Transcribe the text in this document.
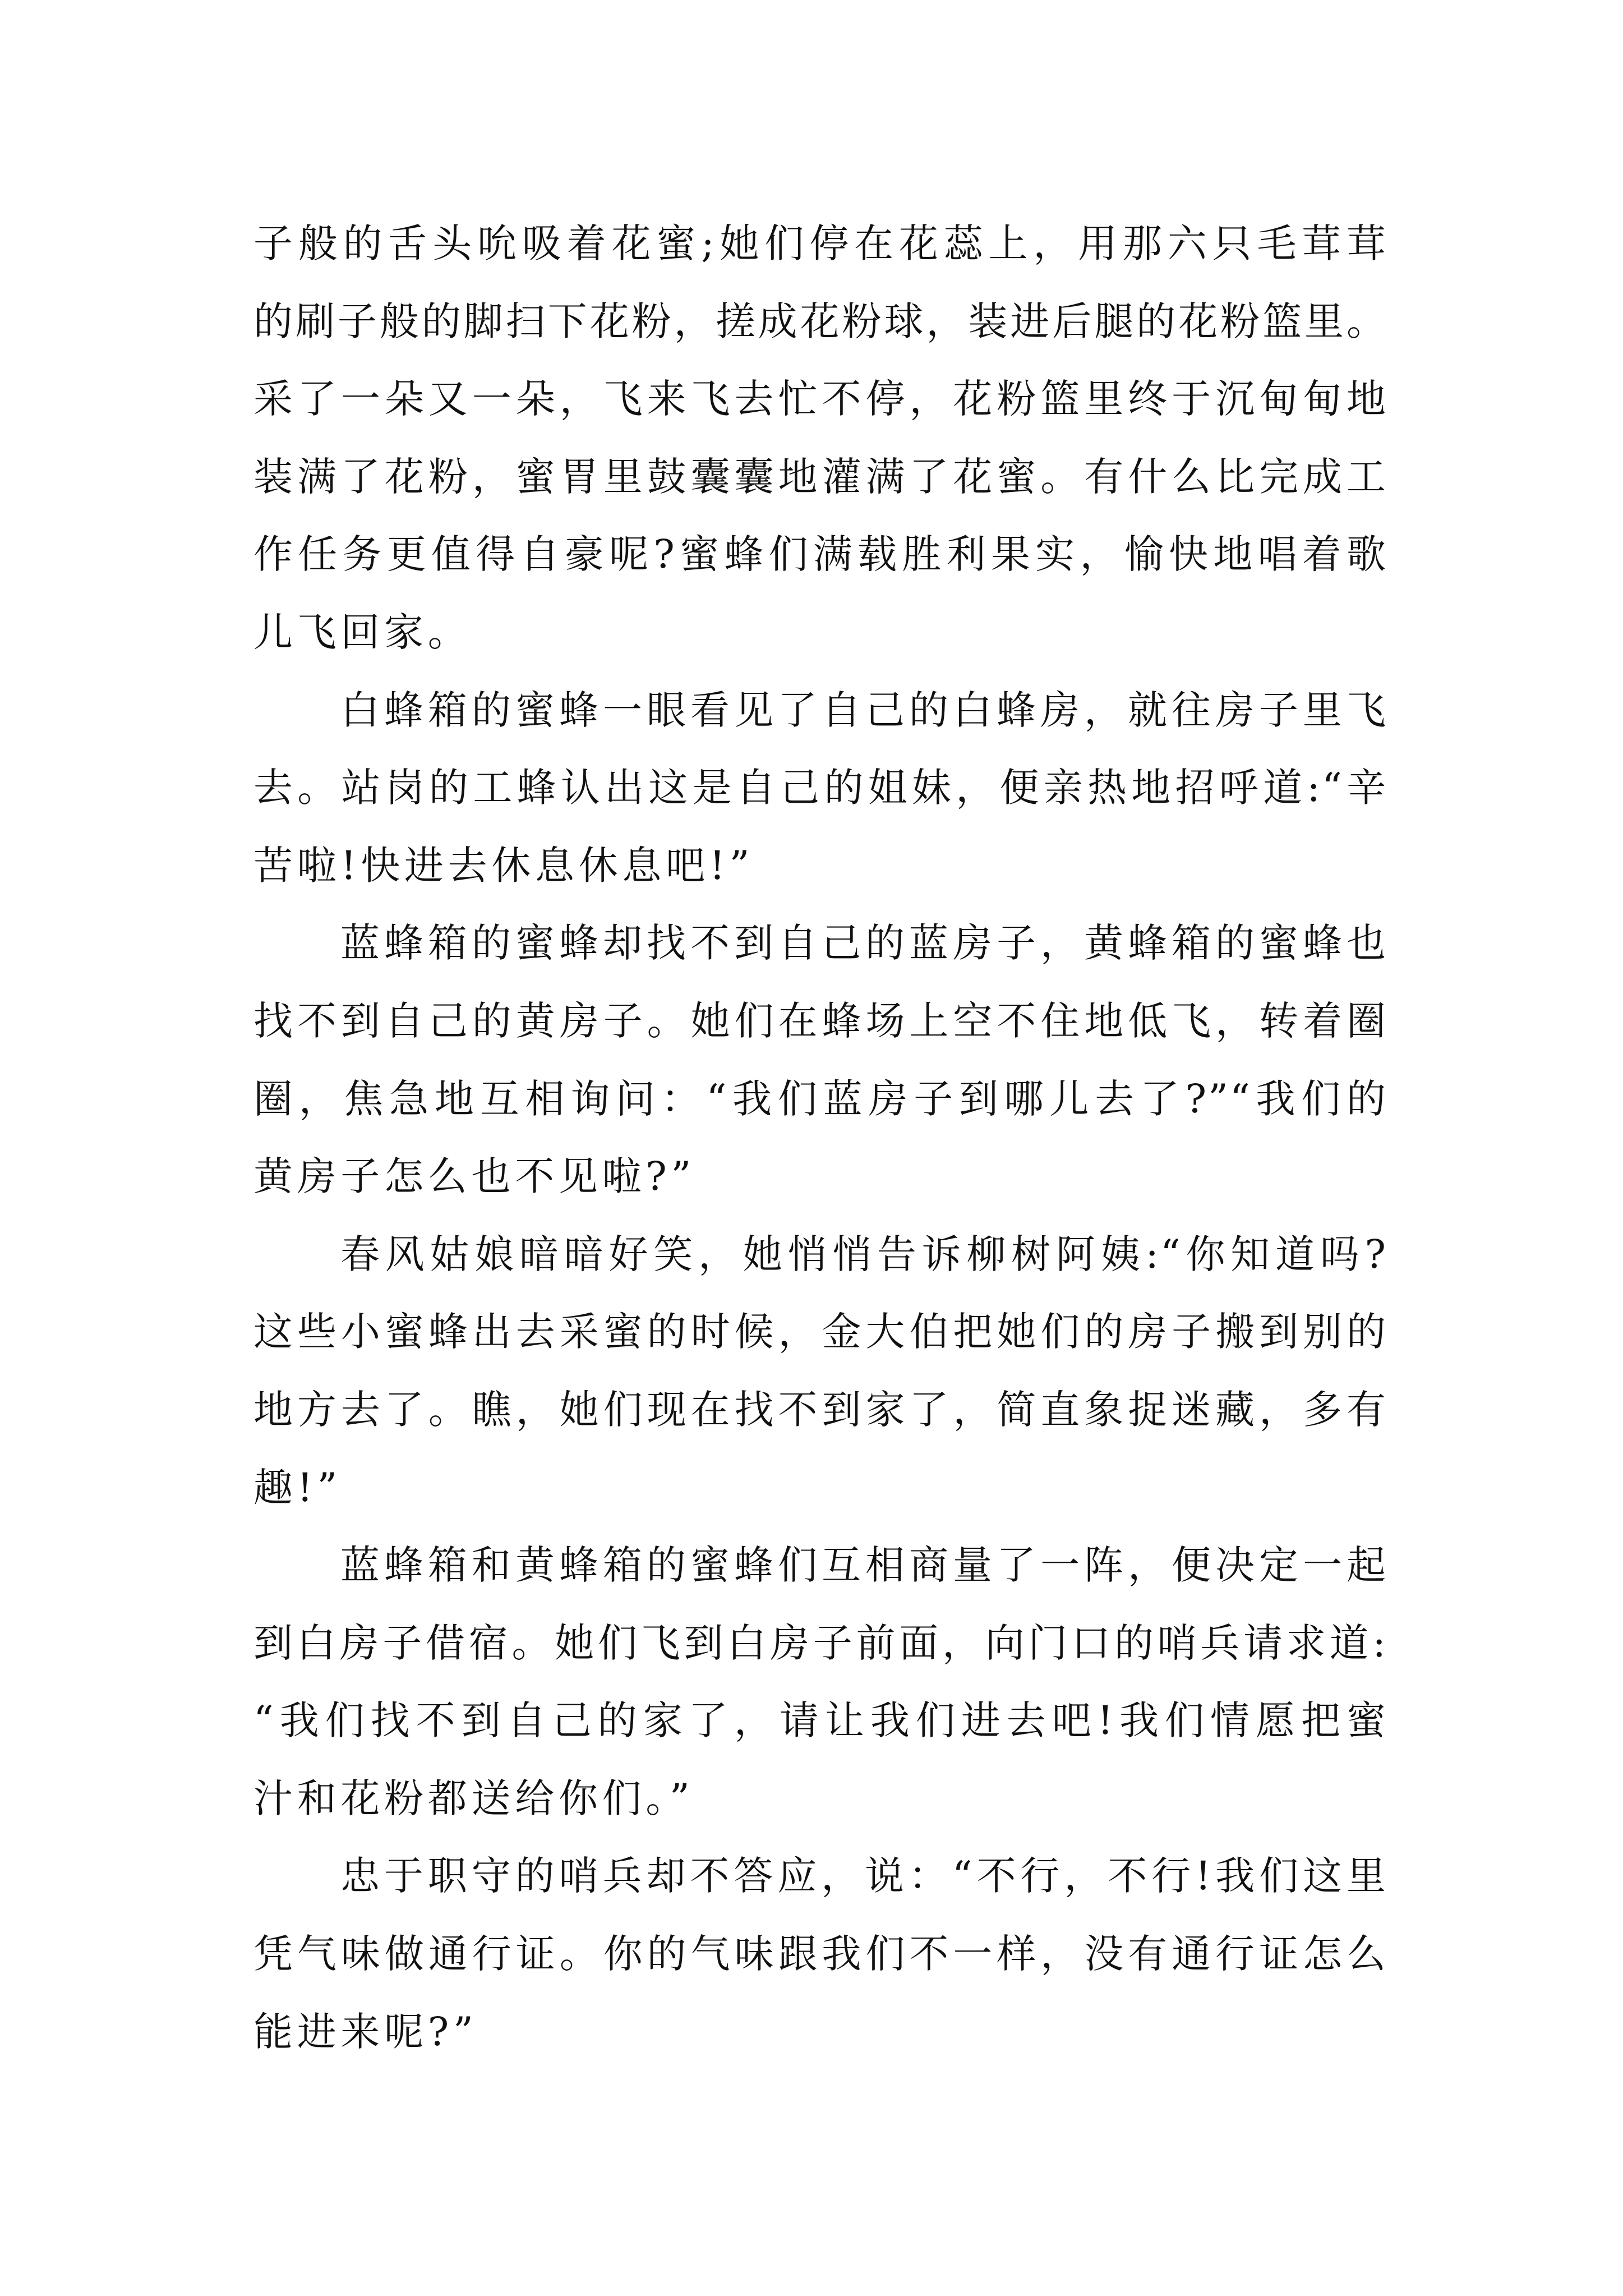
子般的舌头吮吸着花蜜;她们停在花蕊上，用那六只毛茸茸
的刷子般的脚扫下花粉，搓成花粉球，装进后腿的花粉篮里。
采了一朵又一朵，飞来飞去忙不停，花粉篮里终于沉甸甸地
装满了花粉，蜜胃里鼓囊囊地灌满了花蜜。有什么比完成工
作任务更值得自豪呢?蜜蜂们满载胜利果实，愉快地唱着歌
儿飞回家。
白蜂箱的蜜蜂一眼看见了自己的白蜂房，就往房子里飞
去。站岗的工蜂认出这是自己的姐妹，便亲热地招呼道:“辛
苦啦!快进去休息休息吧!”
蓝蜂箱的蜜蜂却找不到自己的蓝房子，黄蜂箱的蜜蜂也
找不到自己的黄房子。她们在蜂场上空不住地低飞，转着圈
圈，焦急地互相询问：“我们蓝房子到哪儿去了?”“我们的
黄房子怎么也不见啦?”
春风姑娘暗暗好笑，她悄悄告诉柳树阿姨:“你知道吗?
这些小蜜蜂出去采蜜的时候，金大伯把她们的房子搬到别的
地方去了。瞧，她们现在找不到家了，简直象捉迷藏，多有
趣!”
蓝蜂箱和黄蜂箱的蜜蜂们互相商量了一阵，便决定一起
到白房子借宿。她们飞到白房子前面，向门口的哨兵请求道:
“我们找不到自己的家了，请让我们进去吧!我们情愿把蜜
汁和花粉都送给你们。”
忠于职守的哨兵却不答应，说：“不行，不行!我们这里
凭气味做通行证。你的气味跟我们不一样，没有通行证怎么
能进来呢?”
